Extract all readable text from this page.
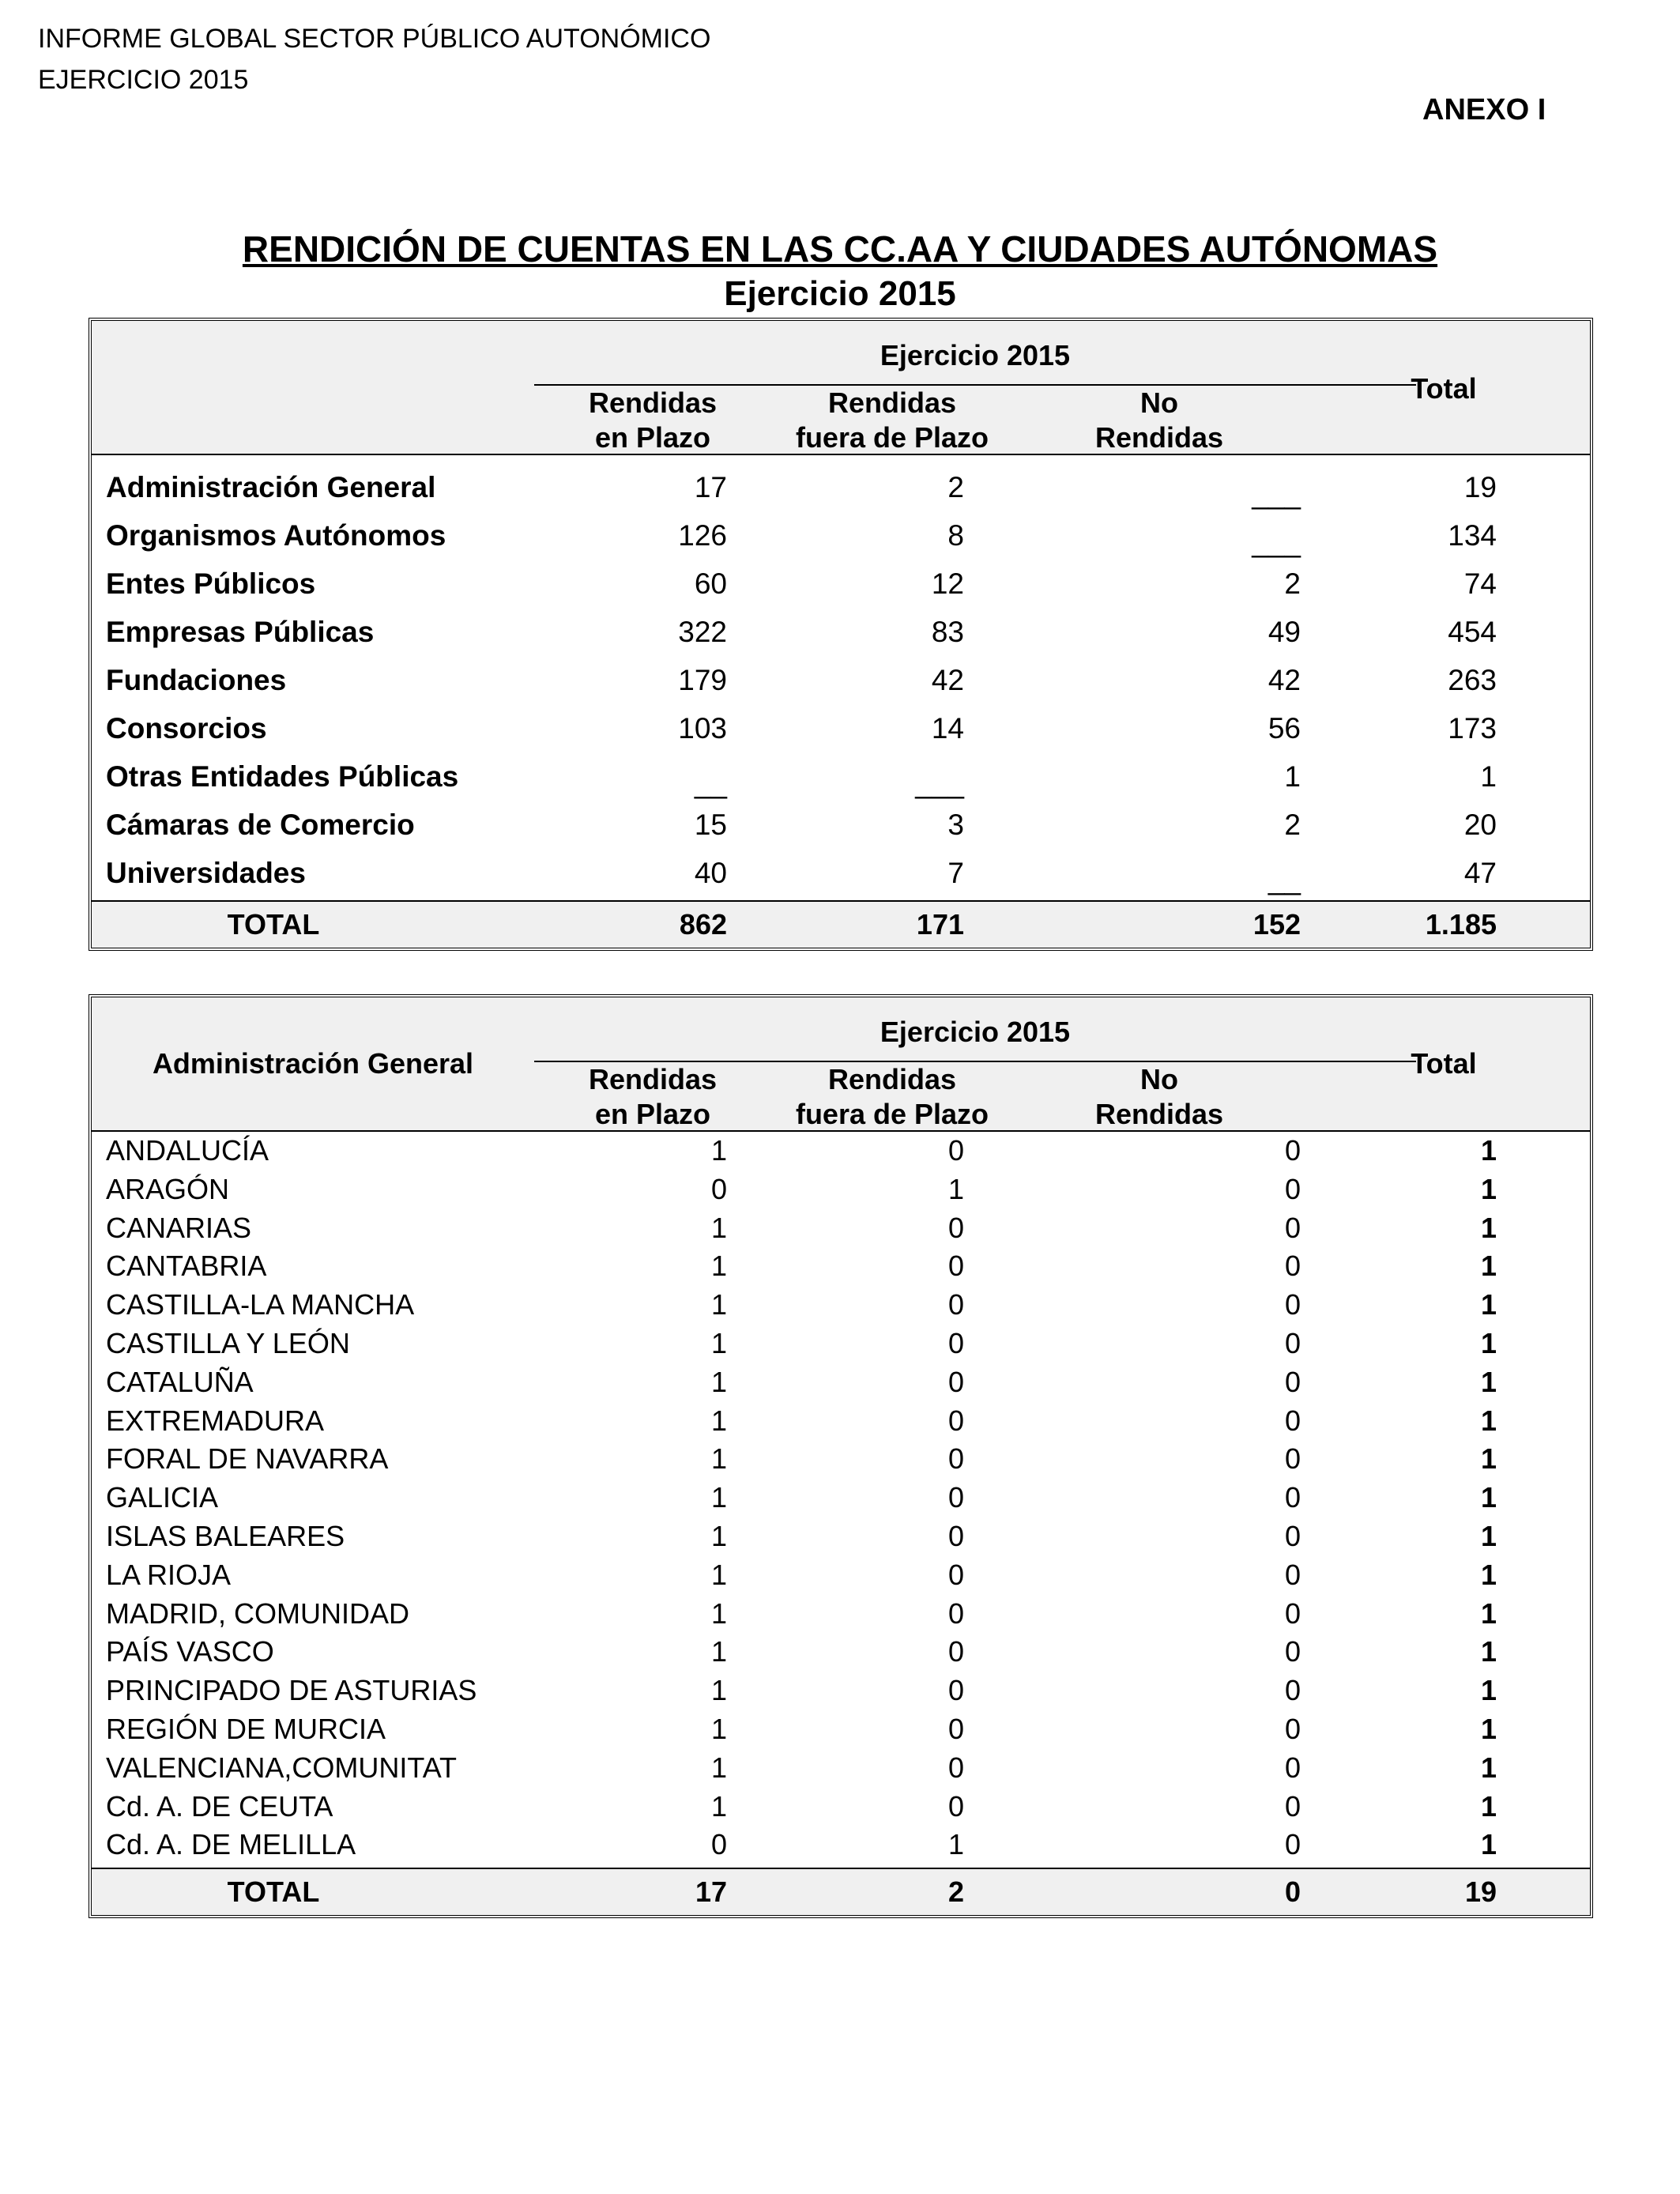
INFORME GLOBAL SECTOR PÚBLICO AUTONÓMICO
EJERCICIO 2015
ANEXO I
RENDICIÓN DE CUENTAS EN LAS CC.AA Y CIUDADES AUTÓNOMAS
Ejercicio 2015
Ejercicio 2015
Rendidas
en Plazo
Rendidas
fuera de Plazo
No
Rendidas
Total
Administración General	17	2	___	19
Organismos Autónomos	126	8	___	134
Entes Públicos	60	12	2	74
Empresas Públicas	322	83	49	454
Fundaciones	179	42	42	263
Consorcios	103	14	56	173
Otras Entidades Públicas	__	___	1	1
Cámaras de Comercio	15	3	2	20
Universidades	40	7	__	47
TOTAL	862	171	152	1.185
Administración General
Ejercicio 2015
Rendidas
en Plazo
Rendidas
fuera de Plazo
No
Rendidas
Total
ANDALUCÍA	1	0	0	1
ARAGÓN	0	1	0	1
CANARIAS	1	0	0	1
CANTABRIA	1	0	0	1
CASTILLA-LA MANCHA	1	0	0	1
CASTILLA Y LEÓN	1	0	0	1
CATALUÑA	1	0	0	1
EXTREMADURA	1	0	0	1
FORAL DE NAVARRA	1	0	0	1
GALICIA	1	0	0	1
ISLAS BALEARES	1	0	0	1
LA RIOJA	1	0	0	1
MADRID, COMUNIDAD	1	0	0	1
PAÍS VASCO	1	0	0	1
PRINCIPADO DE ASTURIAS	1	0	0	1
REGIÓN DE MURCIA	1	0	0	1
VALENCIANA,COMUNITAT	1	0	0	1
Cd. A. DE CEUTA	1	0	0	1
Cd. A. DE MELILLA	0	1	0	1
TOTAL	17	2	0	19
